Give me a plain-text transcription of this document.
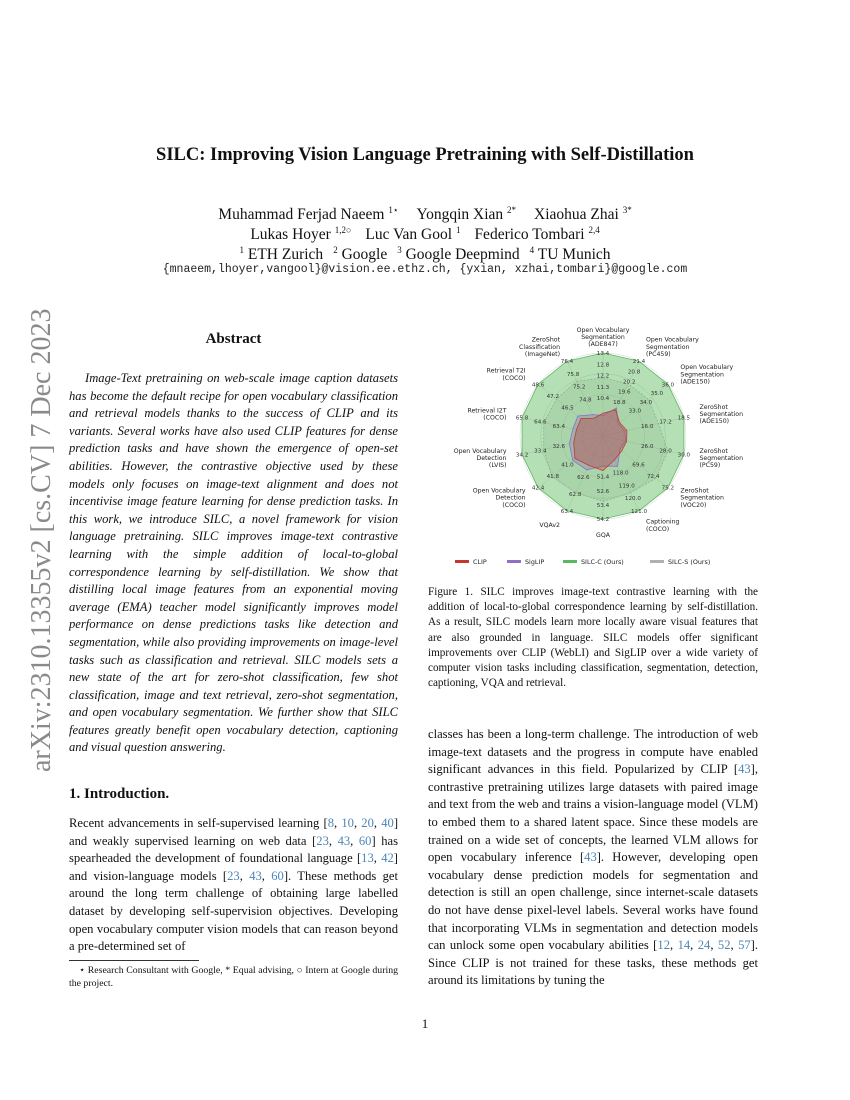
arXiv:2310.13355v2 [cs.CV] 7 Dec 2023
SILC: Improving Vision Language Pretraining with Self-Distillation
Muhammad Ferjad Naeem $^{1⋆}$ Yongqin Xian $^{2*}$ Xiaohua Zhai $^{3*}$
Lukas Hoyer $^{1,2○}$ Luc Van Gool $^1$ Federico Tombari $^{2,4}$
$^1$ ETH Zurich $^2$ Google $^3$ Google Deepmind $^4$ TU Munich
{mnaeem,lhoyer,vangool}@vision.ee.ethz.ch, {yxian, xzhai,tombari}@google.com
Abstract
Image-Text pretraining on web-scale image caption datasets has become the default recipe for open vocabulary classification and retrieval models thanks to the success of CLIP and its variants. Several works have also used CLIP features for dense prediction tasks and have shown the emergence of open-set abilities. However, the contrastive objective used by these models only focuses on image-text alignment and does not incentivise image feature learning for dense prediction tasks. In this work, we introduce SILC, a novel framework for vision language pretraining. SILC improves image-text contrastive learning with the simple addition of local-to-global correspondence learning by self-distillation. We show that distilling local image features from an exponential moving average (EMA) teacher model significantly improves model performance on dense predictions tasks like detection and segmentation, while also providing improvements on image-level tasks such as classification and retrieval. SILC models sets a new state of the art for zero-shot classification, few shot classification, image and text retrieval, zero-shot segmentation, and open vocabulary segmentation. We further show that SILC features greatly benefit open vocabulary detection, captioning and visual question answering.
1. Introduction.
Recent advancements in self-supervised learning [8, 10, 20, 40] and weakly supervised learning on web data [23, 43, 60] has spearheaded the development of foundational language [13, 42] and vision-language models [23, 43, 60]. These methods get around the long term challenge of obtaining large labelled dataset by developing self-supervision objectives. Developing open vocabulary computer vision models that can reason beyond a pre-determined set of
⋆ Research Consultant with Google, * Equal advising, ○ Intern at Google during the project.
10.4
11.3
12.2
12.8
13.4
18.8
19.6
20.2
20.8
21.4
33.0
34.0
35.0
36.0
16.0
17.2
18.5
26.0
28.0
30.0
69.6
72.4
75.2
118.0
119.0
120.0
121.0
51.4
52.6
53.4
54.2
62.6
62.8
63.4
41.0
41.8
42.4
32.6
33.4
34.2
63.4
64.6
65.8
46.5
47.2
48.6
74.8
75.2
75.8
76.4
Open Vocabulary
Segmentation
(ADE847)
Open Vocabulary
Segmentation
(PC459)
Open Vocabulary
Segmentation
(ADE150)
ZeroShot
Segmentation
(ADE150)
ZeroShot
Segmentation
(PC59)
ZeroShot
Segmentation
(VOC20)
Captioning
(COCO)
GQA
VQAv2
Open Vocabulary
Detection
(COCO)
Open Vocabulary
Detection
(LVIS)
Retrieval I2T
(COCO)
Retrieval T2I
(COCO)
ZeroShot
Classification
(ImageNet)
CLIP	SigLIP	SILC-C (Ours)	SILC-S (Ours)
Figure 1. SILC improves image-text contrastive learning with the addition of local-to-global correspondence learning by self-distillation. As a result, SILC models learn more locally aware visual features that are also grounded in language. SILC models offer significant improvements over CLIP (WebLI) and SigLIP over a wide variety of computer vision tasks including classification, segmentation, detection, captioning, VQA and retrieval.
classes has been a long-term challenge. The introduction of web image-text datasets and the progress in compute have enabled significant advances in this field. Popularized by CLIP [43], contrastive pretraining utilizes large datasets with paired image and text from the web and trains a vision-language model (VLM) to embed them to a shared latent space. Since these models are trained on a wide set of concepts, the learned VLM allows for open vocabulary inference [43]. However, developing open vocabulary dense prediction models for segmentation and detection is still an open challenge, since internet-scale datasets do not have dense pixel-level labels. Several works have found that incorporating VLMs in segmentation and detection models can unlock some open vocabulary abilities [12, 14, 24, 52, 57]. Since CLIP is not trained for these tasks, these methods get around its limitations by tuning the
1
